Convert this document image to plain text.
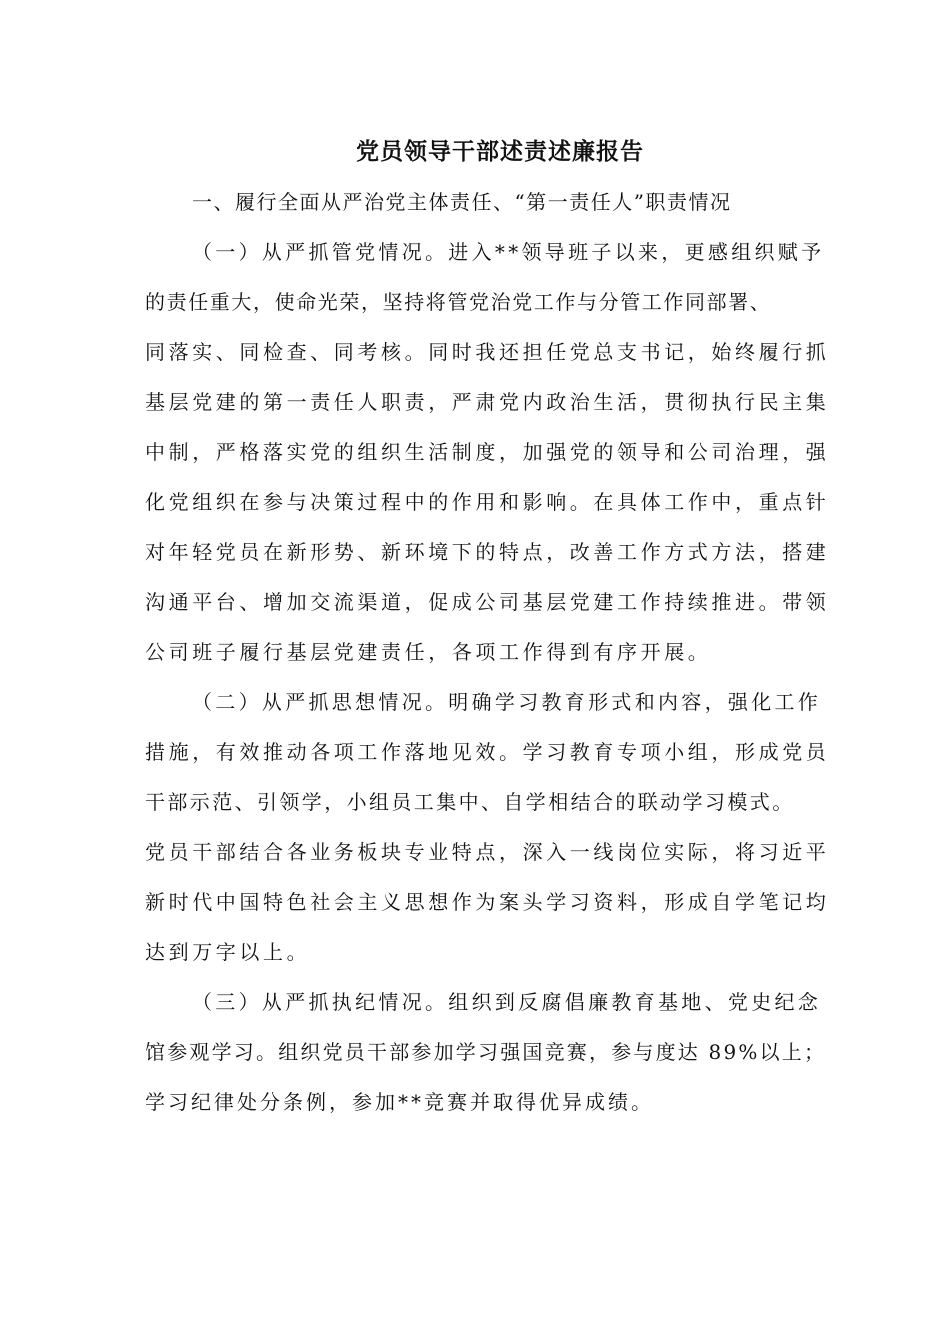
党员领导干部述责述廉报告
一、履行全面从严治党主体责任、“第一责任人”职责情况
（一）从严抓管党情况。进入**领导班子以来，更感组织赋予
的责任重大，使命光荣，坚持将管党治党工作与分管工作同部署、
同落实、同检查、同考核。同时我还担任党总支书记，始终履行抓
基层党建的第一责任人职责，严肃党内政治生活，贯彻执行民主集
中制，严格落实党的组织生活制度，加强党的领导和公司治理，强
化党组织在参与决策过程中的作用和影响。在具体工作中，重点针
对年轻党员在新形势、新环境下的特点，改善工作方式方法，搭建
沟通平台、增加交流渠道，促成公司基层党建工作持续推进。带领
公司班子履行基层党建责任，各项工作得到有序开展。
（二）从严抓思想情况。明确学习教育形式和内容，强化工作
措施，有效推动各项工作落地见效。学习教育专项小组，形成党员
干部示范、引领学，小组员工集中、自学相结合的联动学习模式。
党员干部结合各业务板块专业特点，深入一线岗位实际，将习近平
新时代中国特色社会主义思想作为案头学习资料，形成自学笔记均
达到万字以上。
（三）从严抓执纪情况。组织到反腐倡廉教育基地、党史纪念
馆参观学习。组织党员干部参加学习强国竞赛，参与度达 89%以上；
学习纪律处分条例，参加**竞赛并取得优异成绩。
